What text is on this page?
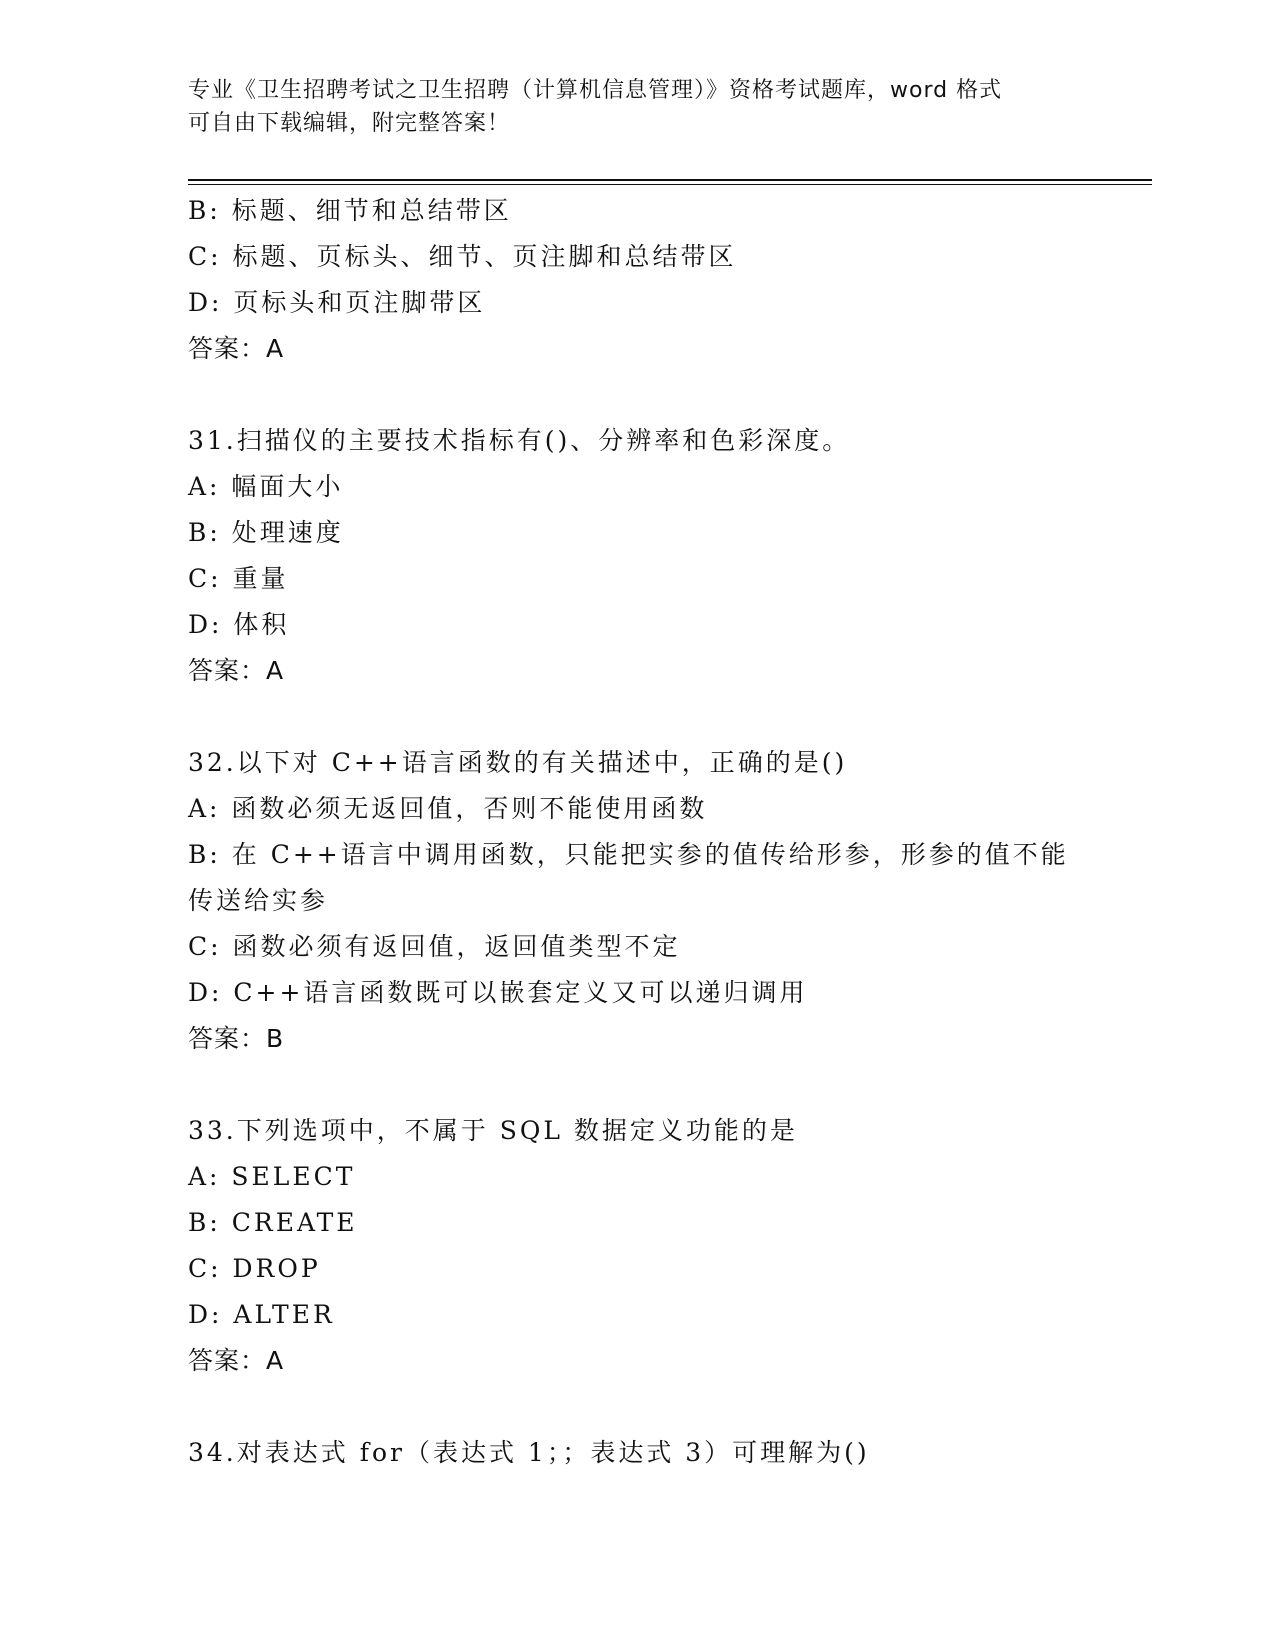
专业《卫生招聘考试之卫生招聘（计算机信息管理）》资格考试题库，word 格式
可自由下载编辑，附完整答案！
B: 标题、细节和总结带区
C: 标题、页标头、细节、页注脚和总结带区
D: 页标头和页注脚带区
答案：A
31.扫描仪的主要技术指标有()、分辨率和色彩深度。
A: 幅面大小
B: 处理速度
C: 重量
D: 体积
答案：A
32.以下对 C++语言函数的有关描述中，正确的是()
A: 函数必须无返回值，否则不能使用函数
B: 在 C++语言中调用函数，只能把实参的值传给形参，形参的值不能
传送给实参
C: 函数必须有返回值，返回值类型不定
D: C++语言函数既可以嵌套定义又可以递归调用
答案：B
33.下列选项中，不属于 SQL 数据定义功能的是
A: SELECT
B: CREATE
C: DROP
D: ALTER
答案：A
34.对表达式 for（表达式 1；；表达式 3）可理解为()
